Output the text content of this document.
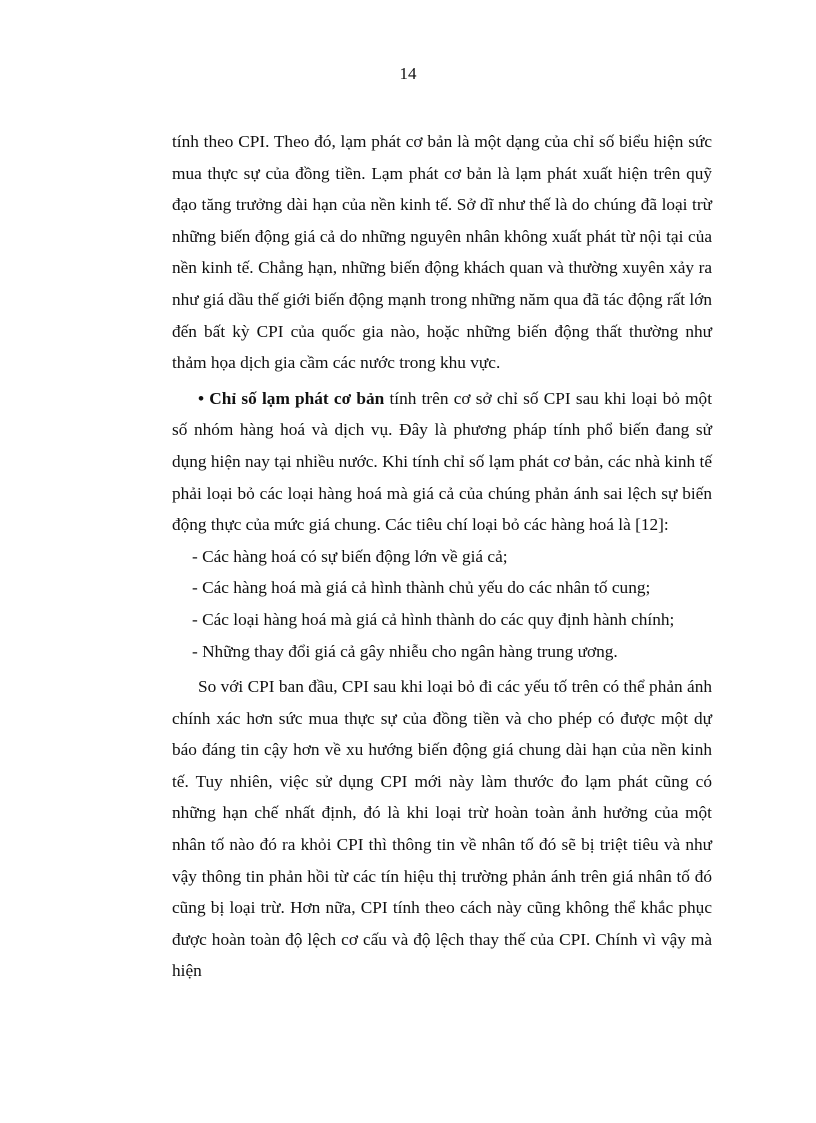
14

tính theo CPI. Theo đó, lạm phát cơ bản là một dạng của chỉ số biểu hiện sức mua thực sự của đồng tiền. Lạm phát cơ bản là lạm phát xuất hiện trên quỹ đạo tăng trưởng dài hạn của nền kinh tế. Sở dĩ như thế là do chúng đã loại trừ những biến động giá cả do những nguyên nhân không xuất phát từ nội tại của nền kinh tế. Chẳng hạn, những biến động khách quan và thường xuyên xảy ra như giá dầu thế giới biến động mạnh trong những năm qua đã tác động rất lớn đến bất kỳ CPI của quốc gia nào, hoặc những biến động thất thường như thảm họa dịch gia cầm các nước trong khu vực.

• Chỉ số lạm phát cơ bản tính trên cơ sở chỉ số CPI sau khi loại bỏ một số nhóm hàng hoá và dịch vụ. Đây là phương pháp tính phổ biến đang sử dụng hiện nay tại nhiều nước. Khi tính chỉ số lạm phát cơ bản, các nhà kinh tế phải loại bỏ các loại hàng hoá mà giá cả của chúng phản ánh sai lệch sự biến động thực của mức giá chung. Các tiêu chí loại bỏ các hàng hoá là [12]:

- Các hàng hoá có sự biến động lớn về giá cả;

- Các hàng hoá mà giá cả hình thành chủ yếu do các nhân tố cung;

- Các loại hàng hoá mà giá cả hình thành do các quy định hành chính;

- Những thay đổi giá cả gây nhiễu cho ngân hàng trung ương.

So với CPI ban đầu, CPI sau khi loại bỏ đi các yếu tố trên có thể phản ánh chính xác hơn sức mua thực sự của đồng tiền và cho phép có được một dự báo đáng tin cậy hơn về xu hướng biến động giá chung dài hạn của nền kinh tế. Tuy nhiên, việc sử dụng CPI mới này làm thước đo lạm phát cũng có những hạn chế nhất định, đó là khi loại trừ hoàn toàn ảnh hưởng của một nhân tố nào đó ra khỏi CPI thì thông tin về nhân tố đó sẽ bị triệt tiêu và như vậy thông tin phản hồi từ các tín hiệu thị trường phản ánh trên giá nhân tố đó cũng bị loại trừ. Hơn nữa, CPI tính theo cách này cũng không thể khắc phục được hoàn toàn độ lệch cơ cấu và độ lệch thay thế của CPI. Chính vì vậy mà hiện
